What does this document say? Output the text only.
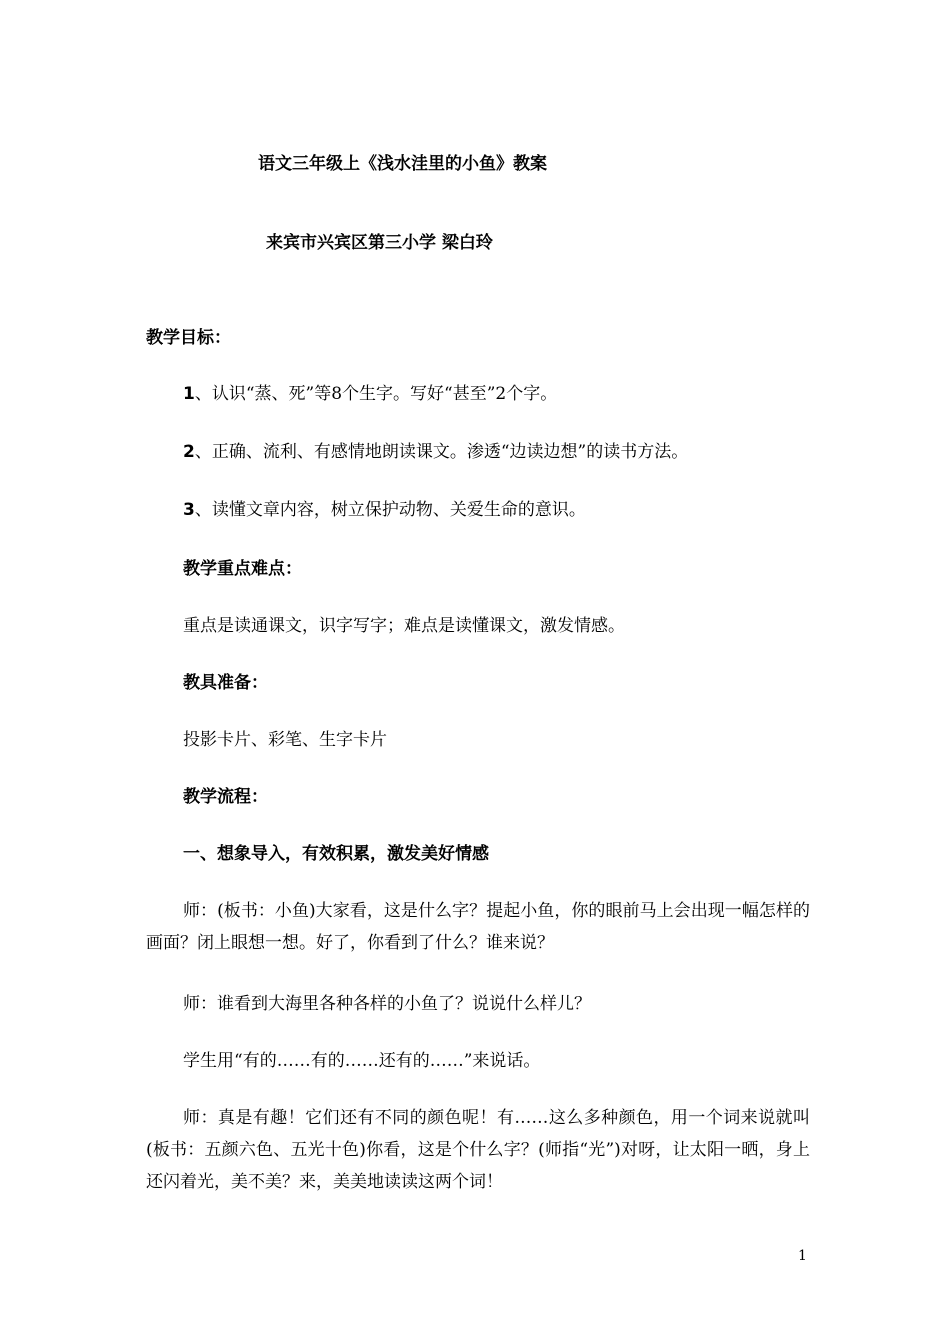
语文三年级上《浅水洼里的小鱼》教案
来宾市兴宾区第三小学 梁白玲
教学目标：
1、认识“蒸、死”等8个生字。写好“甚至”2个字。
2、正确、流利、有感情地朗读课文。渗透“边读边想”的读书方法。
3、读懂文章内容，树立保护动物、关爱生命的意识。
教学重点难点：
重点是读通课文，识字写字；难点是读懂课文，激发情感。
教具准备：
投影卡片、彩笔、生字卡片
教学流程：
一、想象导入，有效积累，激发美好情感
师：(板书：小鱼)大家看，这是什么字？提起小鱼，你的眼前马上会出现一幅怎样的画面？闭上眼想一想。好了，你看到了什么？谁来说？
师：谁看到大海里各种各样的小鱼了？说说什么样儿？
学生用“有的……有的……还有的……”来说话。
师：真是有趣！它们还有不同的颜色呢！有……这么多种颜色，用一个词来说就叫(板书：五颜六色、五光十色)你看，这是个什么字？(师指“光”)对呀，让太阳一晒，身上还闪着光，美不美？来，美美地读读这两个词！
1
